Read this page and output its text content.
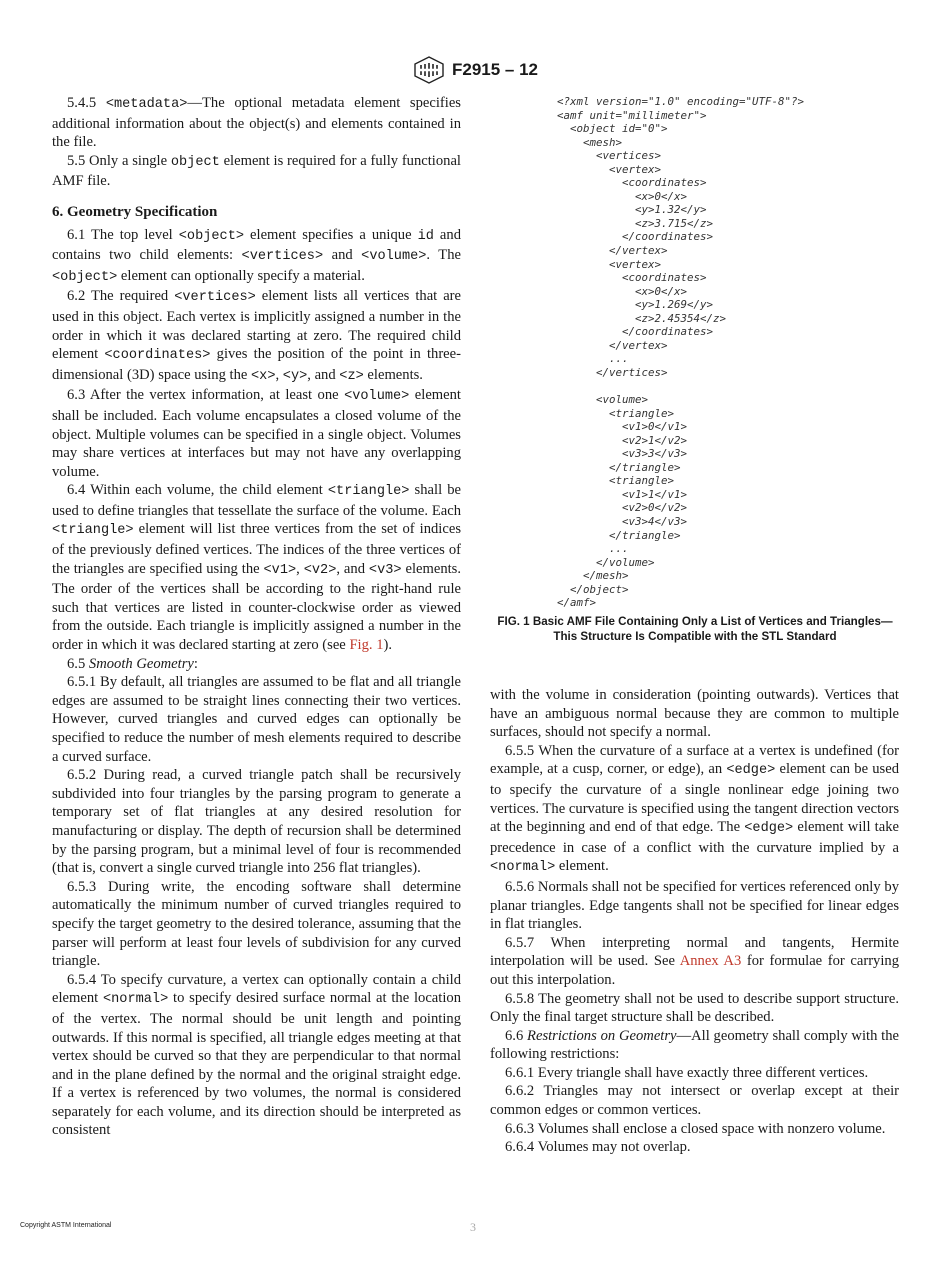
F2915 – 12

5.4.5 <metadata>—The optional metadata element specifies additional information about the object(s) and elements contained in the file.

5.5 Only a single object element is required for a fully functional AMF file.

6. Geometry Specification

6.1 The top level <object> element specifies a unique id and contains two child elements: <vertices> and <volume>. The <object> element can optionally specify a material.

6.2 The required <vertices> element lists all vertices that are used in this object. Each vertex is implicitly assigned a number in the order in which it was declared starting at zero. The required child element <coordinates> gives the position of the point in three-dimensional (3D) space using the <x>, <y>, and <z> elements.

6.3 After the vertex information, at least one <volume> element shall be included. Each volume encapsulates a closed volume of the object. Multiple volumes can be specified in a single object. Volumes may share vertices at interfaces but may not have any overlapping volume.

6.4 Within each volume, the child element <triangle> shall be used to define triangles that tessellate the surface of the volume. Each <triangle> element will list three vertices from the set of indices of the previously defined vertices. The indices of the three vertices of the triangles are specified using the <v1>, <v2>, and <v3> elements. The order of the vertices shall be according to the right-hand rule such that vertices are listed in counter-clockwise order as viewed from the outside. Each triangle is implicitly assigned a number in the order in which it was declared starting at zero (see Fig. 1).

6.5 Smooth Geometry:

6.5.1 By default, all triangles are assumed to be flat and all triangle edges are assumed to be straight lines connecting their two vertices. However, curved triangles and curved edges can optionally be specified to reduce the number of mesh elements required to describe a curved surface.

6.5.2 During read, a curved triangle patch shall be recursively subdivided into four triangles by the parsing program to generate a temporary set of flat triangles at any desired resolution for manufacturing or display. The depth of recursion shall be determined by the parsing program, but a minimal level of four is recommended (that is, convert a single curved triangle into 256 flat triangles).

6.5.3 During write, the encoding software shall determine automatically the minimum number of curved triangles required to specify the target geometry to the desired tolerance, assuming that the parser will perform at least four levels of subdivision for any curved triangle.

6.5.4 To specify curvature, a vertex can optionally contain a child element <normal> to specify desired surface normal at the location of the vertex. The normal should be unit length and pointing outwards. If this normal is specified, all triangle edges meeting at that vertex should be curved so that they are perpendicular to that normal and in the plane defined by the normal and the original straight edge. If a vertex is referenced by two volumes, the normal is considered separately for each volume, and its direction should be interpreted as consistent

<?xml version="1.0" encoding="UTF-8"?>
<amf unit="millimeter">
<object id="0">
<mesh>
<vertices>
<vertex>
<coordinates>
<x>0</x>
<y>1.32</y>
<z>3.715</z>
</coordinates>
</vertex>
<vertex>
<coordinates>
<x>0</x>
<y>1.269</y>
<z>2.45354</z>
</coordinates>
</vertex>
...
</vertices>

<volume>
<triangle>
<v1>0</v1>
<v2>1</v2>
<v3>3</v3>
</triangle>
<triangle>
<v1>1</v1>
<v2>0</v2>
<v3>4</v3>
</triangle>
...
</volume>
</mesh>
</object>
</amf>
FIG. 1 Basic AMF File Containing Only a List of Vertices and Triangles—This Structure Is Compatible with the STL Standard

with the volume in consideration (pointing outwards). Vertices that have an ambiguous normal because they are common to multiple surfaces, should not specify a normal.

6.5.5 When the curvature of a surface at a vertex is undefined (for example, at a cusp, corner, or edge), an <edge> element can be used to specify the curvature of a single nonlinear edge joining two vertices. The curvature is specified using the tangent direction vectors at the beginning and end of that edge. The <edge> element will take precedence in case of a conflict with the curvature implied by a <normal> element.

6.5.6 Normals shall not be specified for vertices referenced only by planar triangles. Edge tangents shall not be specified for linear edges in flat triangles.

6.5.7 When interpreting normal and tangents, Hermite interpolation will be used. See Annex A3 for formulae for carrying out this interpolation.

6.5.8 The geometry shall not be used to describe support structure. Only the final target structure shall be described.

6.6 Restrictions on Geometry—All geometry shall comply with the following restrictions:

6.6.1 Every triangle shall have exactly three different vertices.

6.6.2 Triangles may not intersect or overlap except at their common edges or common vertices.

6.6.3 Volumes shall enclose a closed space with nonzero volume.

6.6.4 Volumes may not overlap.

Copyright ASTM International	3
